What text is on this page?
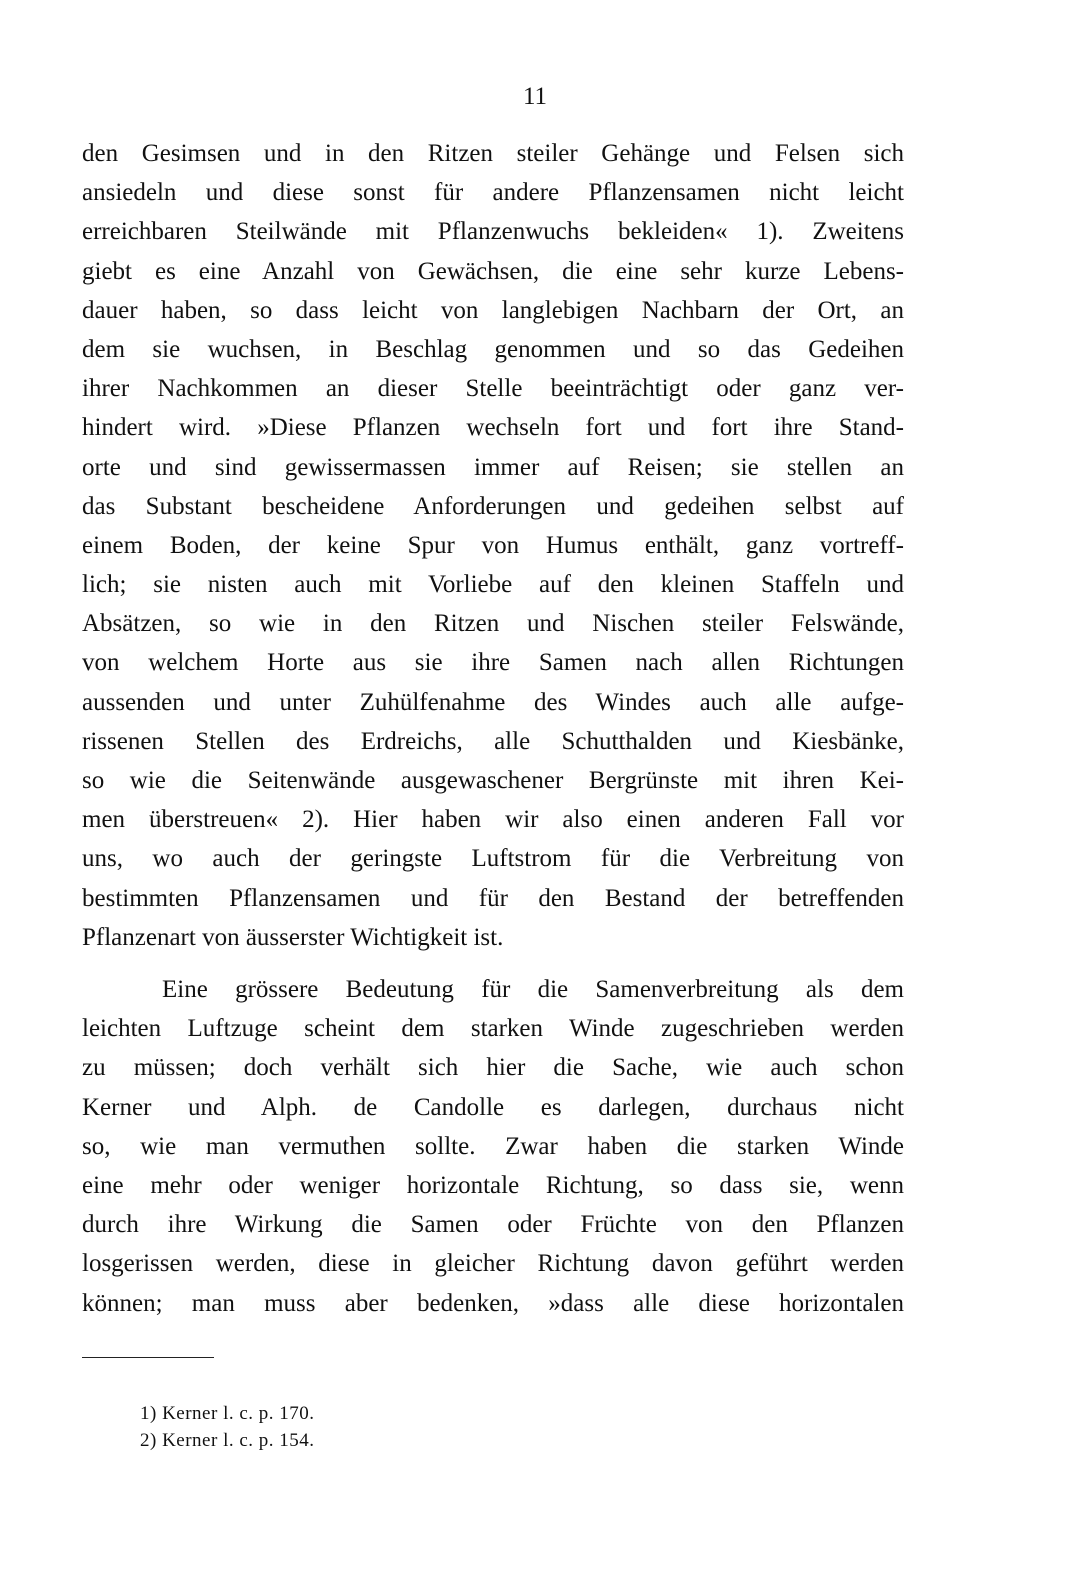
11
den Gesimsen und in den Ritzen steiler Gehänge und Felsen sich
ansiedeln und diese sonst für andere Pflanzensamen nicht leicht
erreichbaren Steilwände mit Pflanzenwuchs bekleiden« 1). Zweitens
giebt es eine Anzahl von Gewächsen, die eine sehr kurze Lebens-
dauer haben, so dass leicht von langlebigen Nachbarn der Ort, an
dem sie wuchsen, in Beschlag genommen und so das Gedeihen
ihrer Nachkommen an dieser Stelle beeinträchtigt oder ganz ver-
hindert wird. »Diese Pflanzen wechseln fort und fort ihre Stand-
orte und sind gewissermassen immer auf Reisen; sie stellen an
das Substant bescheidene Anforderungen und gedeihen selbst auf
einem Boden, der keine Spur von Humus enthält, ganz vortreff-
lich; sie nisten auch mit Vorliebe auf den kleinen Staffeln und
Absätzen, so wie in den Ritzen und Nischen steiler Felswände,
von welchem Horte aus sie ihre Samen nach allen Richtungen
aussenden und unter Zuhülfenahme des Windes auch alle aufge-
rissenen Stellen des Erdreichs, alle Schutthalden und Kiesbänke,
so wie die Seitenwände ausgewaschener Bergrünste mit ihren Kei-
men überstreuen« 2). Hier haben wir also einen anderen Fall vor
uns, wo auch der geringste Luftstrom für die Verbreitung von
bestimmten Pflanzensamen und für den Bestand der betreffenden
Pflanzenart von äusserster Wichtigkeit ist.
Eine grössere Bedeutung für die Samenverbreitung als dem
leichten Luftzuge scheint dem starken Winde zugeschrieben werden
zu müssen; doch verhält sich hier die Sache, wie auch schon
Kerner und Alph. de Candolle es darlegen, durchaus nicht
so, wie man vermuthen sollte. Zwar haben die starken Winde
eine mehr oder weniger horizontale Richtung, so dass sie, wenn
durch ihre Wirkung die Samen oder Früchte von den Pflanzen
losgerissen werden, diese in gleicher Richtung davon geführt werden
können; man muss aber bedenken, »dass alle diese horizontalen
1) Kerner l. c. p. 170.
2) Kerner l. c. p. 154.
